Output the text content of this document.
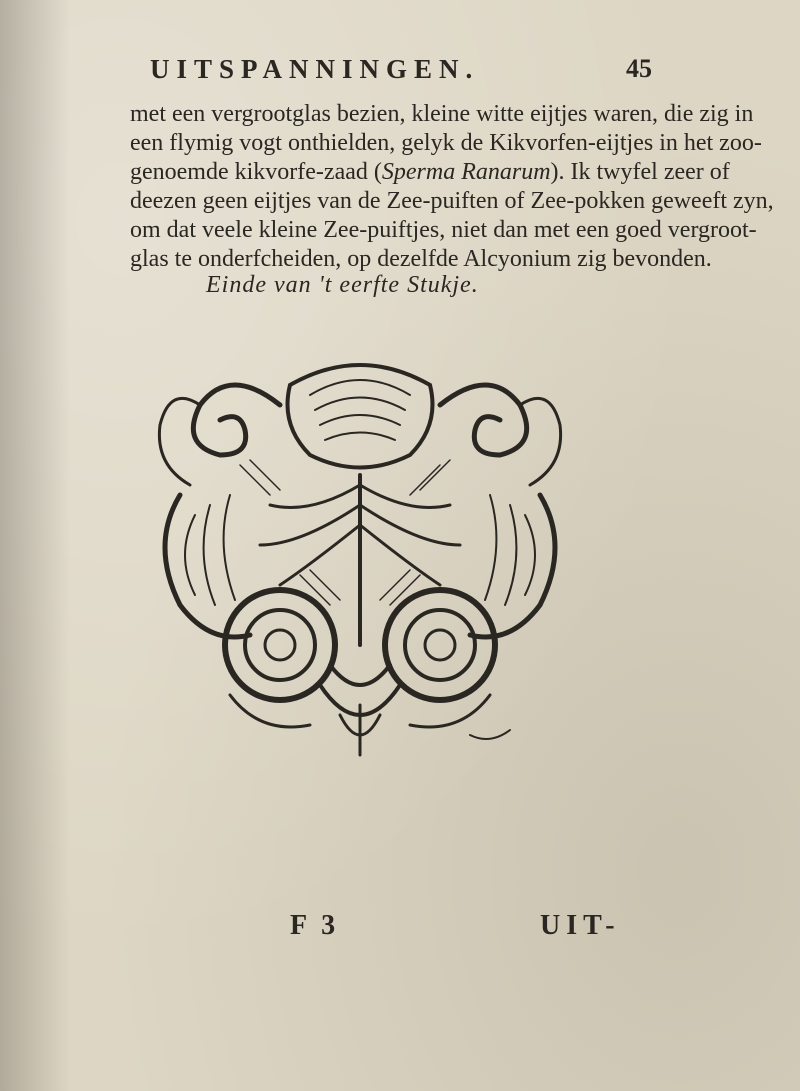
UITSPANNINGEN.	45
met een vergrootglas bezien, kleine witte eijtjes waren, die zig in
een flymig vogt onthielden, gelyk de Kikvorfen-eijtjes in het zoo-
genoemde kikvorfe-zaad (Sperma Ranarum). Ik twyfel zeer of
deezen geen eijtjes van de Zee-puiften of Zee-pokken geweeft zyn,
om dat veele kleine Zee-puiftjes, niet dan met een goed vergroot-
glas te onderfcheiden, op dezelfde Alcyonium zig bevonden.
Einde van 't eerfte Stukje.
F 3	UIT-
